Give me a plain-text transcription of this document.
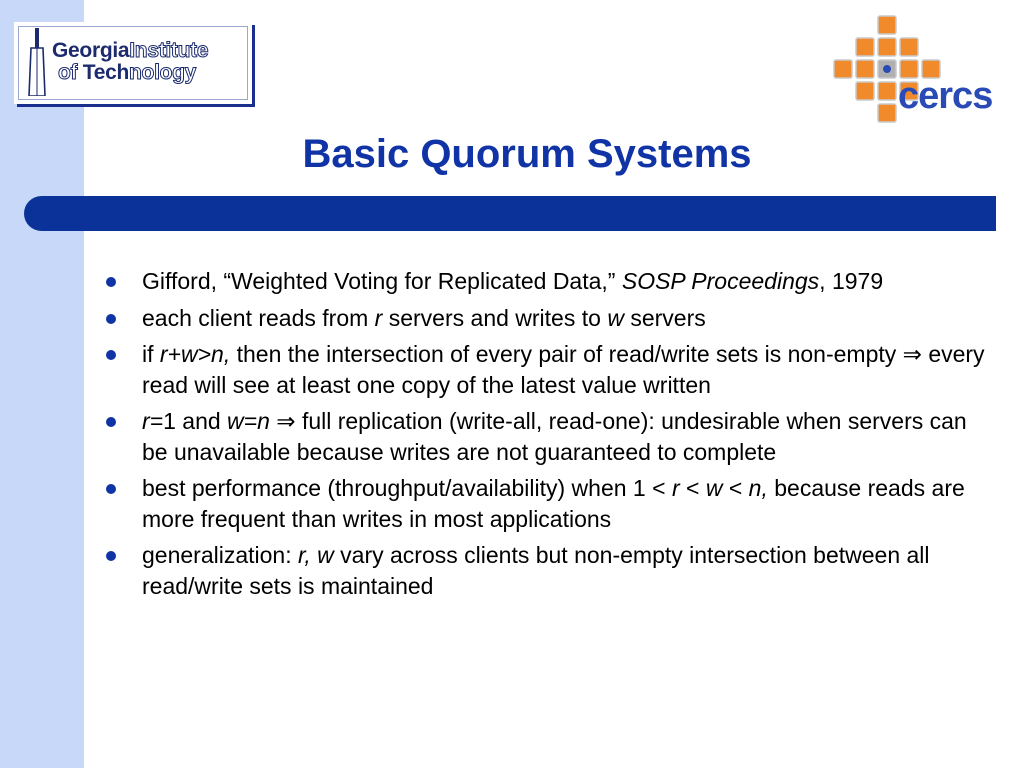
GeorgiaInstitute
of Technology
cercs
Basic Quorum Systems
Gifford, “Weighted Voting for Replicated Data,” SOSP Proceedings, 1979
each client reads from r servers and writes to w servers
if r+w>n, then the intersection of every pair of read/write sets is non-empty ⇒ every read will see at least one copy of the latest value written
r=1 and w=n ⇒ full replication (write-all, read-one): undesirable when servers can be unavailable because writes are not guaranteed to complete
best performance (throughput/availability) when 1 < r < w < n, because reads are more frequent than writes in most applications
generalization: r, w vary across clients but non-empty intersection between all read/write sets is maintained
